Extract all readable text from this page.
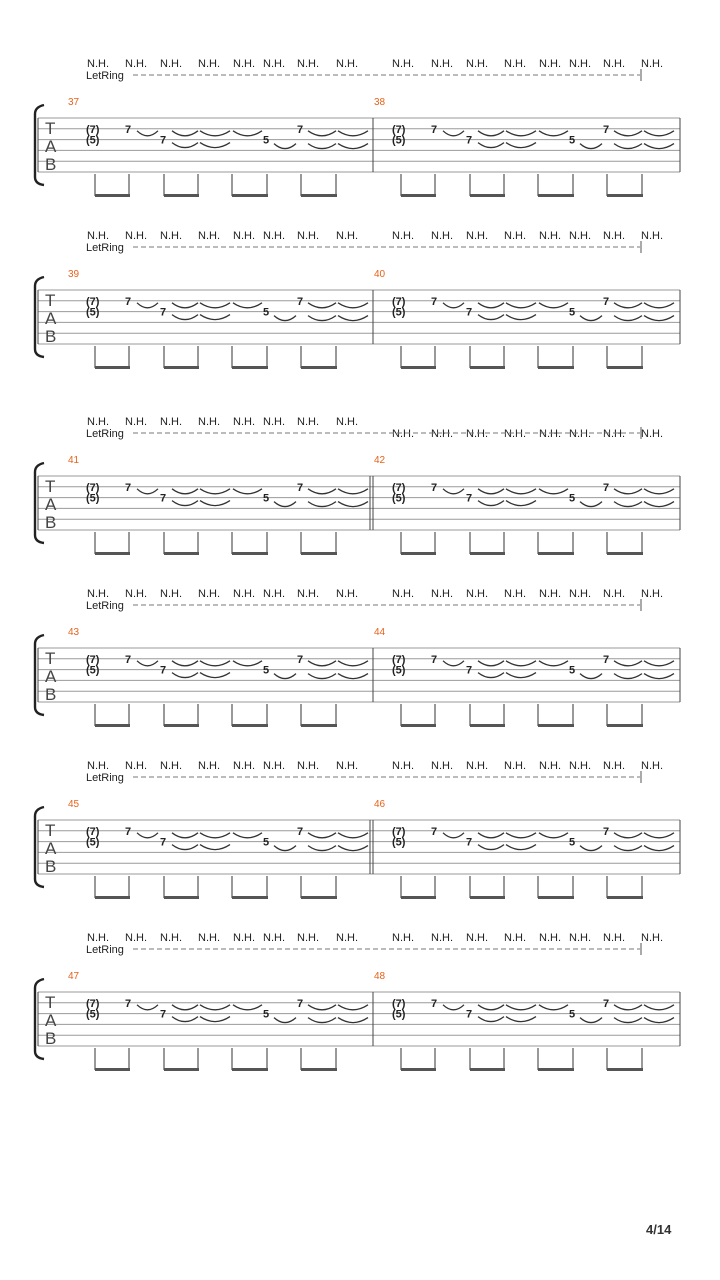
N.H. N.H. N.H. N.H. N.H. N.H. N.H. N.H.	N.H. N.H. N.H. N.H. N.H. N.H. N.H. N.H.
LetRing
T
A
B
37
(7)
(5)
7
7	5
7
38
(7)
(5)
7
7	5
7
N.H. N.H. N.H. N.H. N.H. N.H. N.H. N.H.	N.H. N.H. N.H. N.H. N.H. N.H. N.H. N.H.
LetRing
T
A
B
39
(7)
(5)
7
7	5
7
40
(7)
(5)
7
7	5
7
N.H. N.H. N.H. N.H. N.H. N.H. N.H. N.H.
N.H. N.H. N.H. N.H. N.H. N.H. N.H. N.H.
LetRing
T
A
B
41
(7)
(5)
7
7	5
7
42
(7)
(5)
7
7	5
7
N.H. N.H. N.H. N.H. N.H. N.H. N.H. N.H.	N.H. N.H. N.H. N.H. N.H. N.H. N.H. N.H.
LetRing
T
A
B
43
(7)
(5)
7
7	5
7
44
(7)
(5)
7
7	5
7
N.H. N.H. N.H. N.H. N.H. N.H. N.H. N.H.	N.H. N.H. N.H. N.H. N.H. N.H. N.H. N.H.
LetRing
T
A
B
45
(7)
(5)
7
7	5
7
46
(7)
(5)
7
7	5
7
N.H. N.H. N.H. N.H. N.H. N.H. N.H. N.H.	N.H. N.H. N.H. N.H. N.H. N.H. N.H. N.H.
LetRing
T
A
B
47
(7)
(5)
7
7	5
7
48
(7)
(5)
7
7	5
7
4/14
